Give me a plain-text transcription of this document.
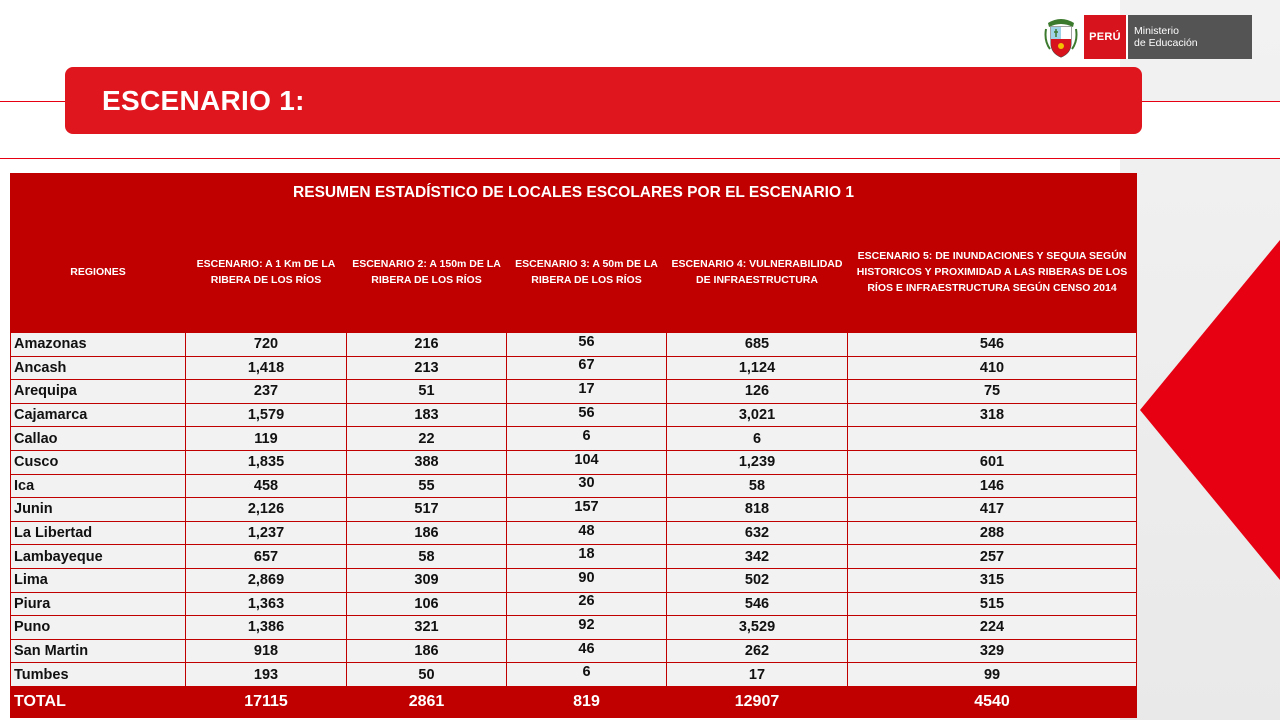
PERÚ Ministerio
de Educación
ESCENARIO 1:
RESUMEN ESTADÍSTICO DE LOCALES ESCOLARES POR EL ESCENARIO 1					
REGIONES	ESCENARIO: A 1 Km DE LA RIBERA DE LOS RÍOS	ESCENARIO 2: A 150m DE LA RIBERA DE LOS RÍOS	ESCENARIO 3: A 50m DE LA RIBERA DE LOS RÍOS	ESCENARIO 4: VULNERABILIDAD DE INFRAESTRUCTURA	ESCENARIO 5: DE INUNDACIONES Y SEQUIA SEGÚN HISTORICOS Y PROXIMIDAD A LAS RIBERAS DE LOS RÍOS E INFRAESTRUCTURA SEGÚN CENSO 2014
Amazonas	720	216	56	685	546
Ancash	1,418	213	67	1,124	410
Arequipa	237	51	17	126	75
Cajamarca	1,579	183	56	3,021	318
Callao	119	22	6	6	
Cusco	1,835	388	104	1,239	601
Ica	458	55	30	58	146
Junin	2,126	517	157	818	417
La Libertad	1,237	186	48	632	288
Lambayeque	657	58	18	342	257
Lima	2,869	309	90	502	315
Piura	1,363	106	26	546	515
Puno	1,386	321	92	3,529	224
San Martin	918	186	46	262	329
Tumbes	193	50	6	17	99
TOTAL	17115	2861	819	12907	4540
